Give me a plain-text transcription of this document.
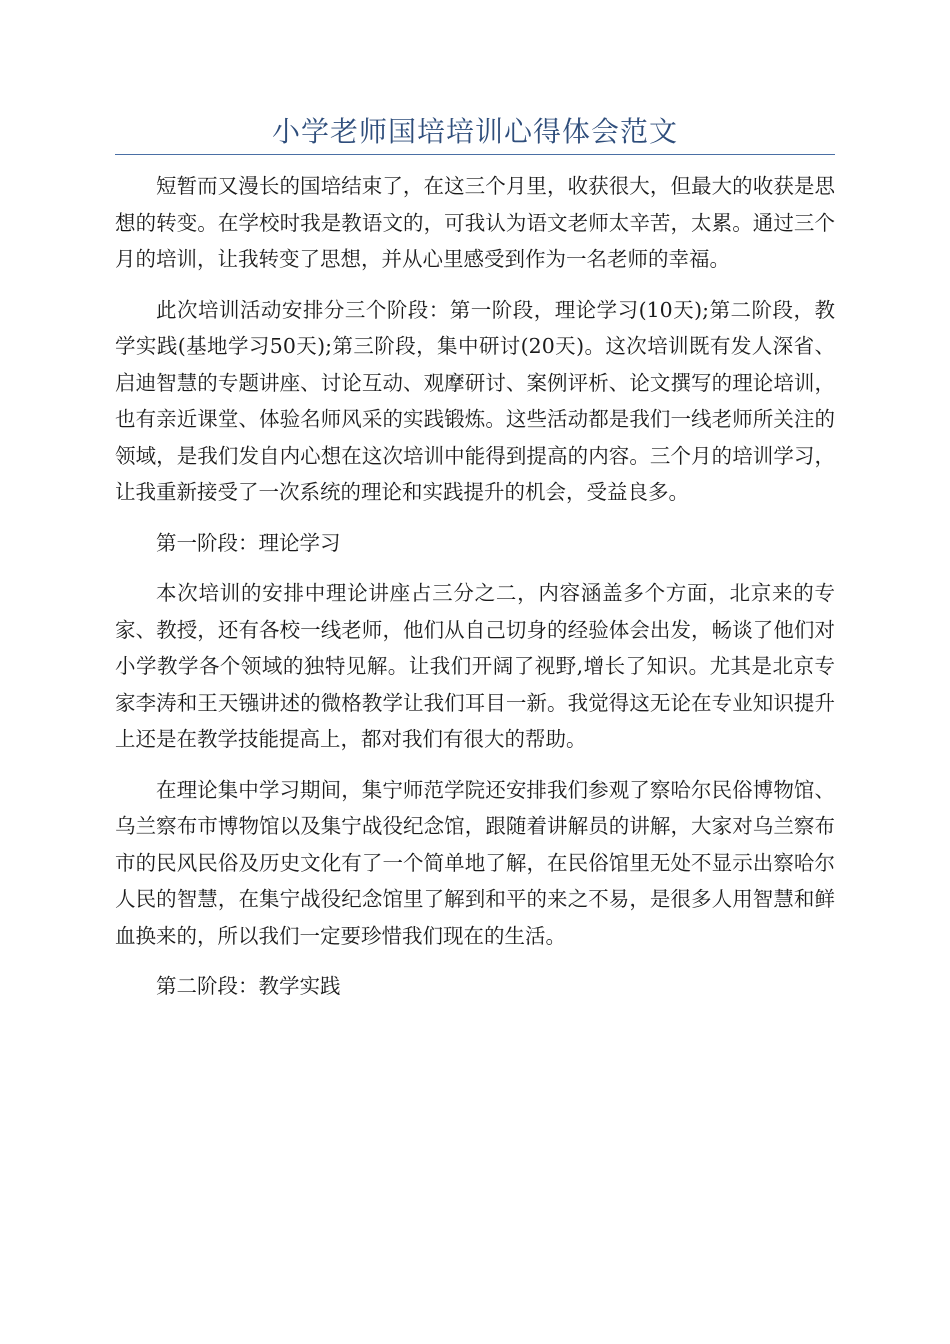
小学老师国培培训心得体会范文

短暂而又漫长的国培结束了，在这三个月里，收获很大，但最大的收获是思想的转变。在学校时我是教语文的，可我认为语文老师太辛苦，太累。通过三个月的培训，让我转变了思想，并从心里感受到作为一名老师的幸福。

此次培训活动安排分三个阶段：第一阶段，理论学习(10天);第二阶段，教学实践(基地学习50天);第三阶段，集中研讨(20天)。这次培训既有发人深省、启迪智慧的专题讲座、讨论互动、观摩研讨、案例评析、论文撰写的理论培训，也有亲近课堂、体验名师风采的实践锻炼。这些活动都是我们一线老师所关注的领域，是我们发自内心想在这次培训中能得到提高的内容。三个月的培训学习，让我重新接受了一次系统的理论和实践提升的机会，受益良多。

第一阶段：理论学习

本次培训的安排中理论讲座占三分之二，内容涵盖多个方面，北京来的专家、教授，还有各校一线老师，他们从自己切身的经验体会出发，畅谈了他们对小学教学各个领域的独特见解。让我们开阔了视野,增长了知识。尤其是北京专家李涛和王天镪讲述的微格教学让我们耳目一新。我觉得这无论在专业知识提升上还是在教学技能提高上，都对我们有很大的帮助。

在理论集中学习期间，集宁师范学院还安排我们参观了察哈尔民俗博物馆、乌兰察布市博物馆以及集宁战役纪念馆，跟随着讲解员的讲解，大家对乌兰察布市的民风民俗及历史文化有了一个简单地了解，在民俗馆里无处不显示出察哈尔人民的智慧，在集宁战役纪念馆里了解到和平的来之不易，是很多人用智慧和鲜血换来的，所以我们一定要珍惜我们现在的生活。

第二阶段：教学实践
